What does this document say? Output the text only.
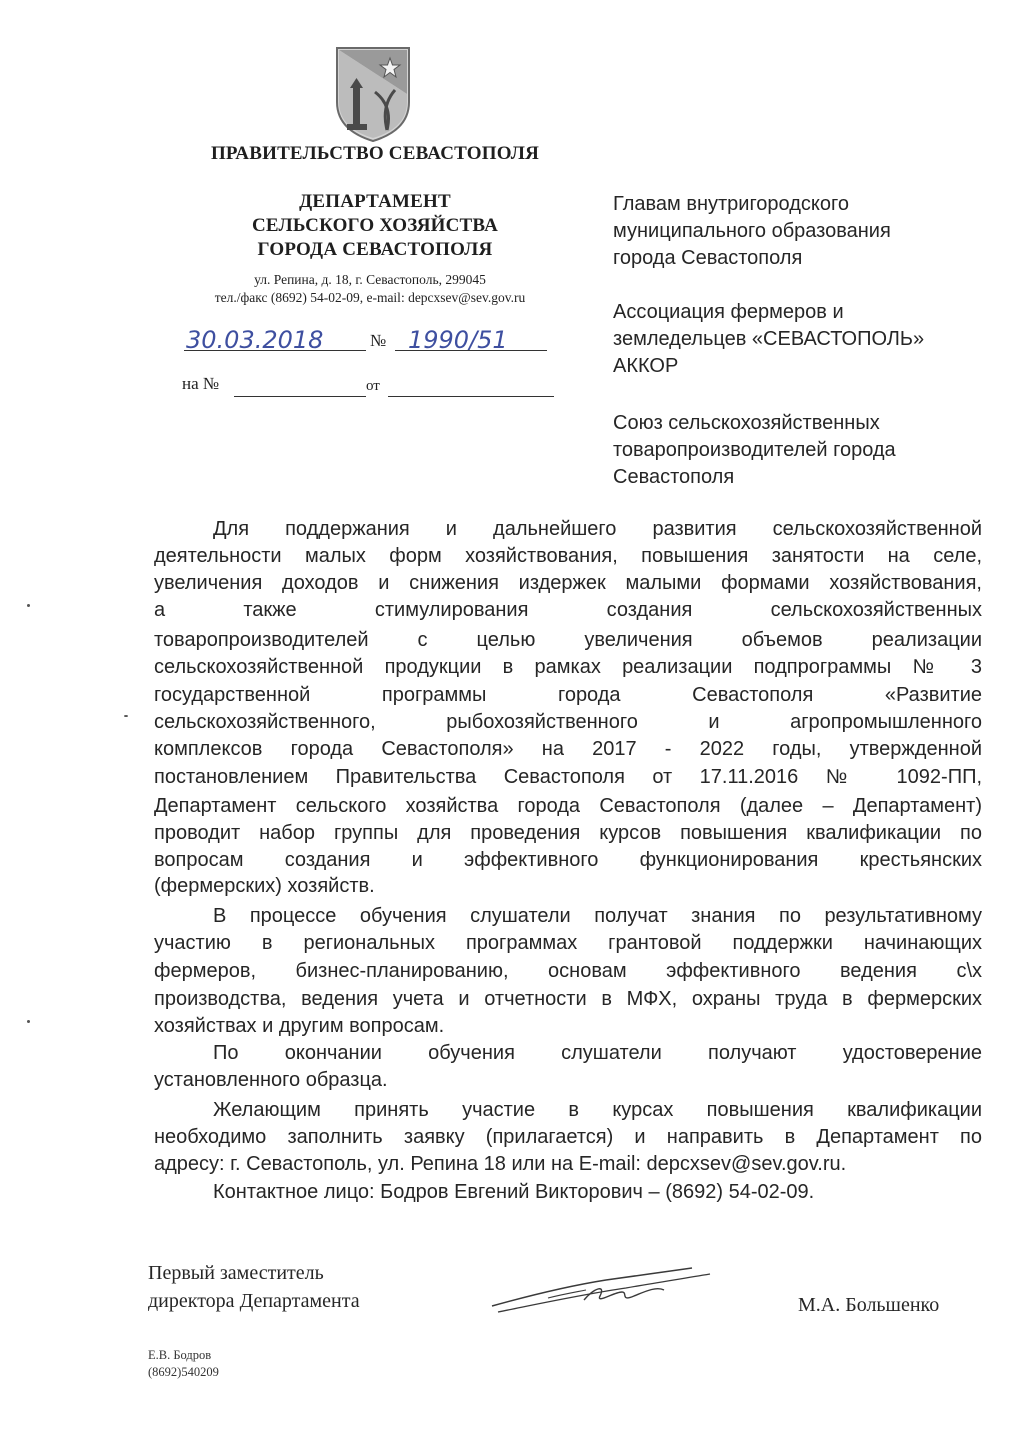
ПРАВИТЕЛЬСТВО СЕВАСТОПОЛЯ
ДЕПАРТАМЕНТ
СЕЛЬСКОГО ХОЗЯЙСТВА
ГОРОДА СЕВАСТОПОЛЯ
ул. Репина, д. 18, г. Севастополь, 299045
тел./факс (8692) 54-02-09, e-mail: depcxsev@sev.gov.ru
30.03.2018	№ 1990/51
на №	от
Главам внутригородского
муниципального образования
города Севастополя
Ассоциация фермеров и
земледельцев «СЕВАСТОПОЛЬ»
АККОР
Союз сельскохозяйственных
товаропроизводителей города
Севастополя
Для поддержания и дальнейшего развития сельскохозяйственной
деятельности малых форм хозяйствования, повышения занятости на селе,
увеличения доходов и снижения издержек малыми формами хозяйствования,
а также стимулирования создания сельскохозяйственных
товаропроизводителей с целью увеличения объемов реализации
сельскохозяйственной продукции в рамках реализации подпрограммы № 3
государственной программы города Севастополя «Развитие
сельскохозяйственного, рыбохозяйственного и агропромышленного
комплексов города Севастополя» на 2017 - 2022 годы, утвержденной
постановлением Правительства Севастополя от 17.11.2016 № 1092-ПП,
Департамент сельского хозяйства города Севастополя (далее – Департамент)
проводит набор группы для проведения курсов повышения квалификации по
вопросам создания и эффективного функционирования крестьянских
(фермерских) хозяйств.
В процессе обучения слушатели получат знания по результативному
участию в региональных программах грантовой поддержки начинающих
фермеров, бизнес-планированию, основам эффективного ведения с\х
производства, ведения учета и отчетности в МФХ, охраны труда в фермерских
хозяйствах и другим вопросам.
По окончании обучения слушатели получают удостоверение
установленного образца.
Желающим принять участие в курсах повышения квалификации
необходимо заполнить заявку (прилагается) и направить в Департамент по
адресу: г. Севастополь, ул. Репина 18 или на E-mail: depcxsev@sev.gov.ru.
Контактное лицо: Бодров Евгений Викторович – (8692) 54-02-09.
Первый заместитель
директора Департамента	М.А. Большенко
Е.В. Бодров
(8692)540209
